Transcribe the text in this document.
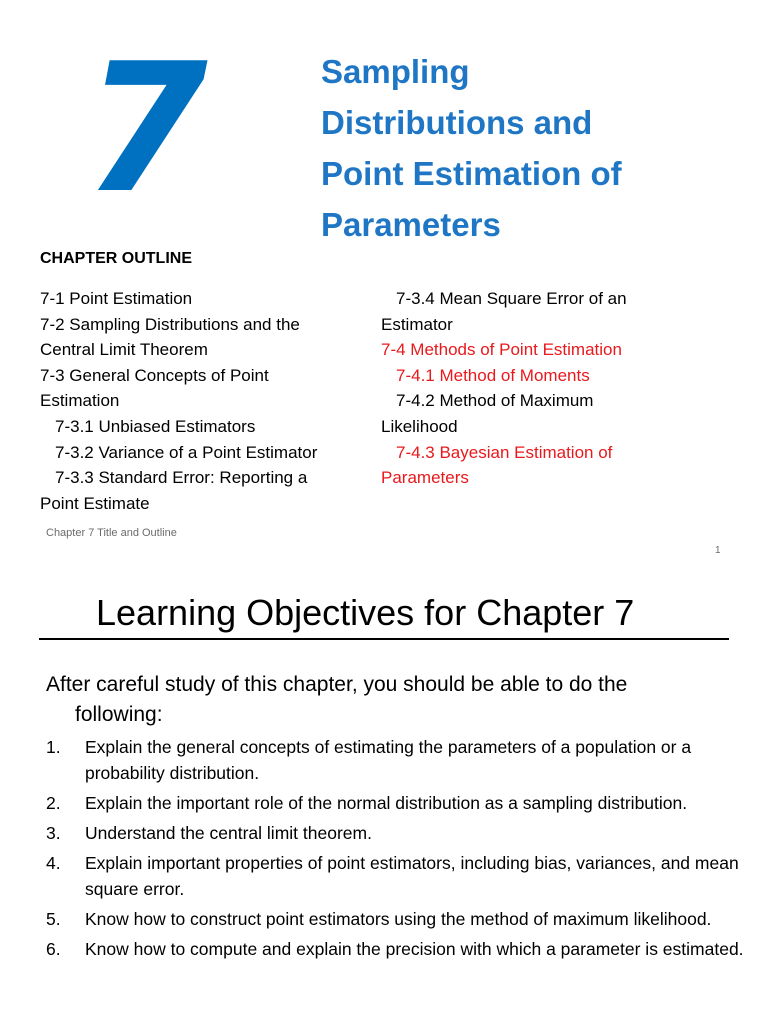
7	Sampling
Distributions and
Point Estimation of
Parameters
CHAPTER OUTLINE
7-1 Point Estimation
7-2 Sampling Distributions and the
Central Limit Theorem
7-3 General Concepts of Point
Estimation
7-3.1 Unbiased Estimators
7-3.2 Variance of a Point Estimator
7-3.3 Standard Error: Reporting a
Point Estimate
7-3.4 Mean Square Error of an
Estimator
7-4 Methods of Point Estimation
7-4.1 Method of Moments
7-4.2 Method of Maximum
Likelihood
7-4.3 Bayesian Estimation of
Parameters
Chapter 7 Title and Outline
1
Learning Objectives for Chapter 7
After careful study of this chapter, you should be able to do the
following:
1. Explain the general concepts of estimating the parameters of a population or a probability distribution.
2. Explain the important role of the normal distribution as a sampling distribution.
3. Understand the central limit theorem.
4. Explain important properties of point estimators, including bias, variances, and mean square error.
5. Know how to construct point estimators using the method of maximum likelihood.
6. Know how to compute and explain the precision with which a parameter is estimated.
